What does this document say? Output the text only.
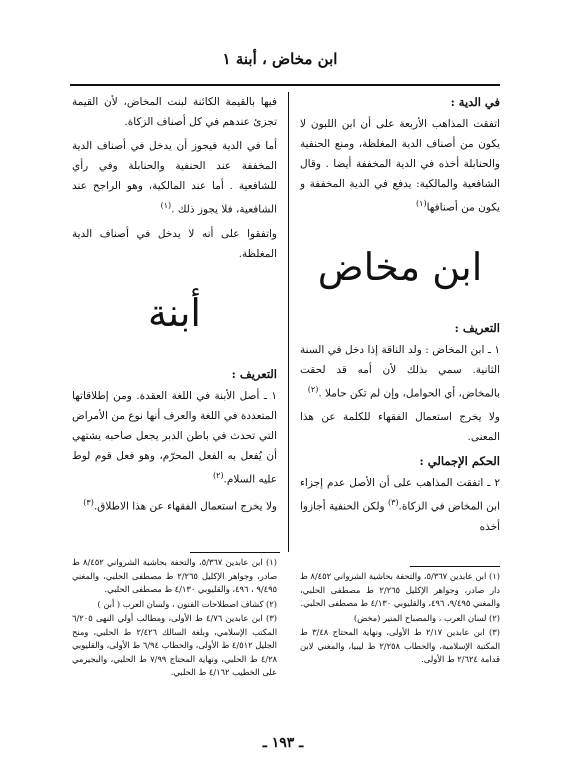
ابن مخاض ، أبنة ١

في الدية :

اتفقت المذاهب الأربعة على أن ابن اللبون لا يكون من أصناف الدية المغلظة، ومنع الحنفية والحنابلة أخذه في الدية المخففة أيضا . وقال الشافعية والمالكية: يدفع في الدية المخففة و يكون من أصنافها$^{(١)}$

ابن مخاض

التعريف :

١ ـ ابن المخاض : ولد الناقة إذا دخل في السنة الثانية. سمي بذلك لأن أمه قد لحقت بالمخاض، أي الحوامل، وإن لم تكن حاملا .$^{(٢)}$

ولا يخرج استعمال الفقهاء للكلمة عن هذا المعنى.

الحكم الإجمالي :

٢ ـ اتفقت المذاهب على أن الأصل عدم إجزاء ابن المخاض في الزكاة.$^{(٣)}$ ولكن الحنفية أجازوا أخذه

فيها بالقيمة الكائنة لبنت المخاض، لأن القيمة تجزئ عندهم في كل أصناف الزكاة.

أما في الدية فيجوز أن يدخل في أصناف الدية المخففة عند الحنفية والحنابلة وفي رأي للشافعية . أما عند المالكية، وهو الراجح عند الشافعية، فلا يجوز ذلك .$^{(١)}$

واتفقوا على أنه لا يدخل في أصناف الدية المغلظة.

أبنة

التعريف :

١ ـ أصل الأبنة في اللغة العقدة. ومن إطلاقاتها المتعددة في اللغة والعرف أنها نوع من الأمراض التي تحدث في باطن الدبر يجعل صاحبه يشتهي أن يُفعل به الفعل المحرّم، وهو فعل قوم لوط عليه السلام.$^{(٢)}$

ولا يخرج استعمال الفقهاء عن هذا الاطلاق.$^{(٣)}$

(١) ابن عابدين ٥/٣٦٧، والتحفة بحاشية الشرواني ٨/٤٥٢ ط دار صادر، وجواهر الإكليل ٢/٢٦٥ ط مصطفى الحلبي، والمغني ٩/٤٩٥، ٤٩٦، والقليوبي ٤/١٣٠ ط مصطفى الحلبي.

(٢) لسان العرب ، والمصباح المنير (مخض)

(٣) ابن عابدين ٢/١٧ ط الأولى، ونهاية المحتاج ٣/٤٨ ط المكتبة الإسلامية، والحطاب ٢/٢٥٨ ط ليبيا، والمغني لابن قدامة ٢/٦٢٤ ط الأولى.

(١) ابن عابدين ٥/٣٦٧، والتحفة بحاشية الشرواني ٨/٤٥٢ ط صادر، وجواهر الإكليل ٢/٢٦٥ ط مصطفى الحلبي، والمغني ٩/٤٩٥ ، ٤٩٦، والقليوبي ٤/١٣٠ ط مصطفى الحلبي.

(٢) كشاف اصطلاحات الفنون ، ولسان العرب ( أبن )

(٣) ابن عابدين ٤/٧٦ ط الأولى، ومطالب أولي النهى ٦/٢٠٥ المكتب الإسلامي، وبلغة السالك ٢/٤٢٦ ط الحلبي، ومنح الجليل ٤/٥١٢ ط الأولى، والحطاب ٦/٩٤ ط الأولى، والقليوبي ٤/٢٨ ط الحلبي، ونهاية المحتاج ٧/٩٩ ط الحلبي، والبجيرمي على الخطيب ٤/١٦٢ ط الحلبي.

ـ ١٩٣ ـ
